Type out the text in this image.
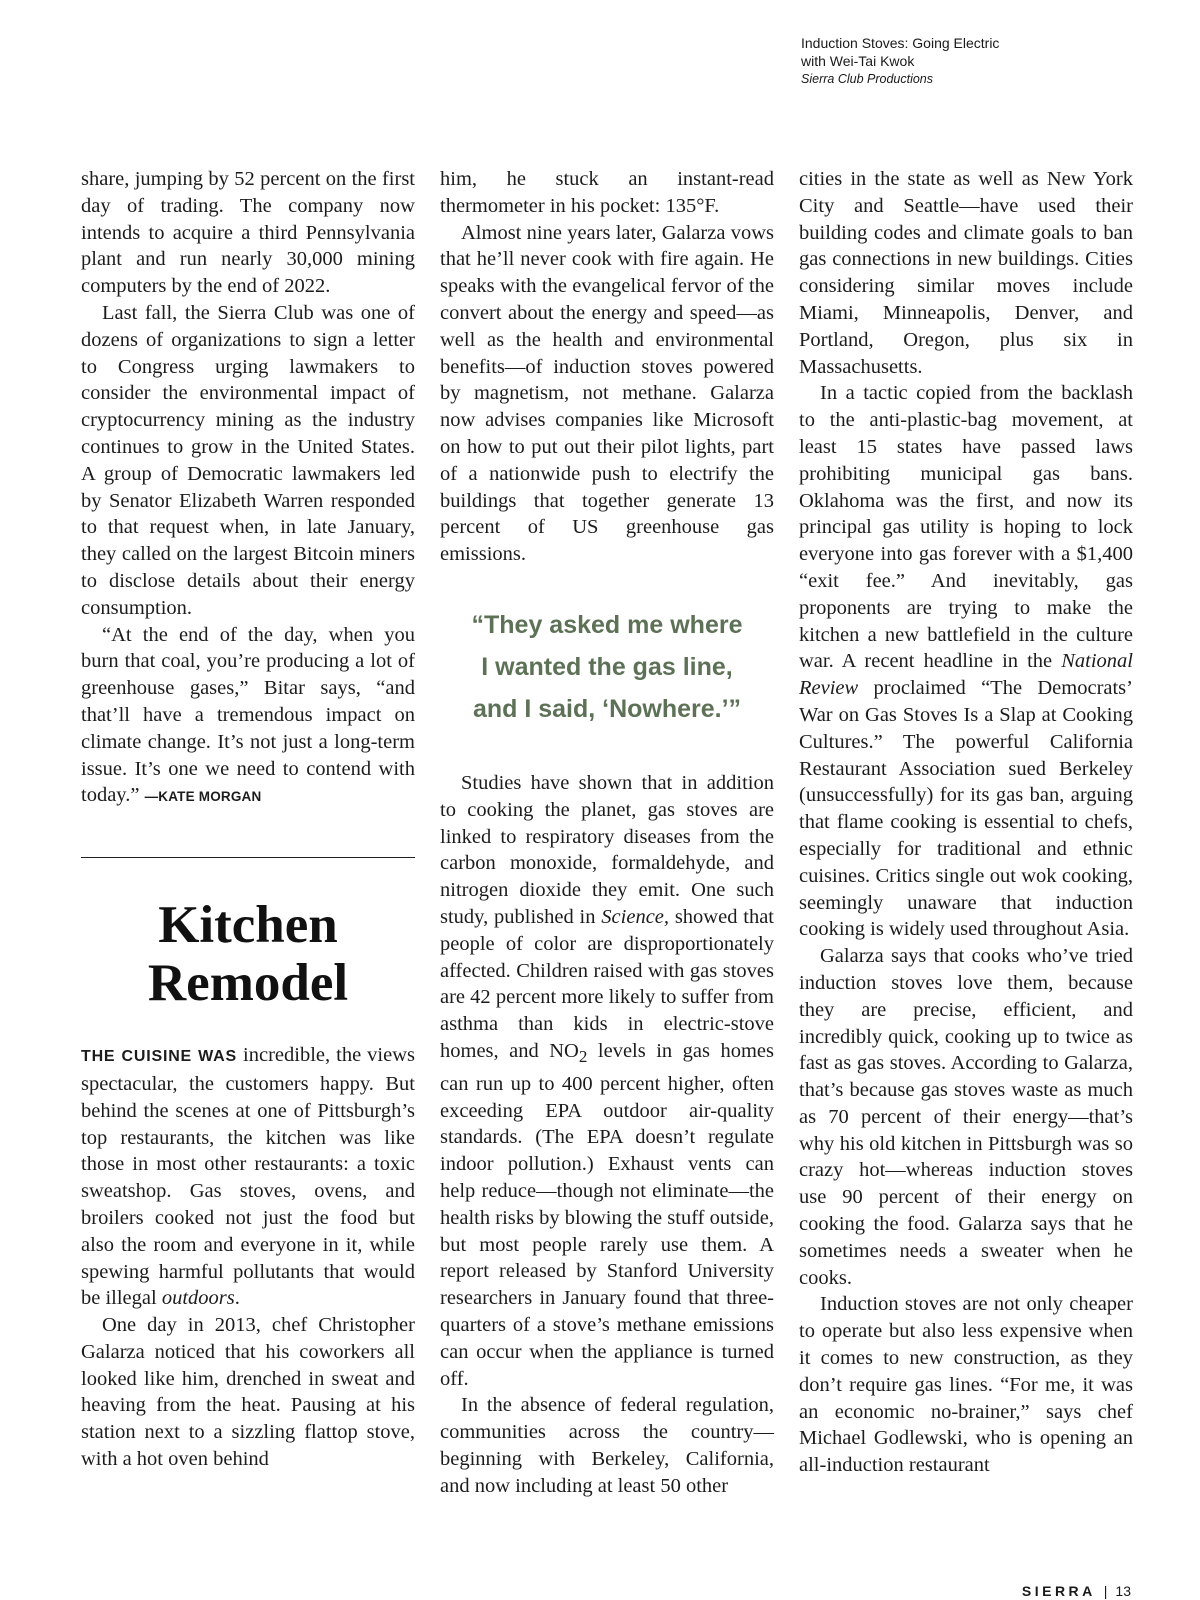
Induction Stoves: Going Electric
with Wei-Tai Kwok
Sierra Club Productions

share, jumping by 52 percent on the first day of trading. The company now intends to acquire a third Pennsylvania plant and run nearly 30,000 mining computers by the end of 2022.

Last fall, the Sierra Club was one of dozens of organizations to sign a letter to Congress urging lawmakers to consider the environmental impact of cryptocurrency mining as the industry continues to grow in the United States. A group of Democratic lawmakers led by Senator Elizabeth Warren responded to that request when, in late January, they called on the largest Bitcoin miners to disclose details about their energy consumption.

“At the end of the day, when you burn that coal, you’re producing a lot of greenhouse gases,” Bitar says, “and that’ll have a tremendous impact on climate change. It’s not just a long-term issue. It’s one we need to contend with today.” —KATE MORGAN

Kitchen
Remodel

THE CUISINE WAS incredible, the views spectacular, the customers happy. But behind the scenes at one of Pittsburgh’s top restaurants, the kitchen was like those in most other restaurants: a toxic sweatshop. Gas stoves, ovens, and broilers cooked not just the food but also the room and everyone in it, while spewing harmful pollutants that would be illegal outdoors.

One day in 2013, chef Christopher Galarza noticed that his coworkers all looked like him, drenched in sweat and heaving from the heat. Pausing at his station next to a sizzling flattop stove, with a hot oven behind

him, he stuck an instant-read thermometer in his pocket: 135°F.

Almost nine years later, Galarza vows that he’ll never cook with fire again. He speaks with the evangelical fervor of the convert about the energy and speed—as well as the health and environmental benefits—of induction stoves powered by magnetism, not methane. Galarza now advises companies like Microsoft on how to put out their pilot lights, part of a nationwide push to electrify the buildings that together generate 13 percent of US greenhouse gas emissions.

“They asked me where
I wanted the gas line,
and I said, ‘Nowhere.’”

Studies have shown that in addition to cooking the planet, gas stoves are linked to respiratory diseases from the carbon monoxide, formaldehyde, and nitrogen dioxide they emit. One such study, published in Science, showed that people of color are disproportionately affected. Children raised with gas stoves are 42 percent more likely to suffer from asthma than kids in electric-stove homes, and $NO_2$ levels in gas homes can run up to 400 percent higher, often exceeding EPA outdoor air-quality standards. (The EPA doesn’t regulate indoor pollution.) Exhaust vents can help reduce—though not eliminate—the health risks by blowing the stuff outside, but most people rarely use them. A report released by Stanford University researchers in January found that three-quarters of a stove’s methane emissions can occur when the appliance is turned off.

In the absence of federal regulation, communities across the country—beginning with Berkeley, California, and now including at least 50 other

cities in the state as well as New York City and Seattle—have used their building codes and climate goals to ban gas connections in new buildings. Cities considering similar moves include Miami, Minneapolis, Denver, and Portland, Oregon, plus six in Massachusetts.

In a tactic copied from the backlash to the anti-plastic-bag movement, at least 15 states have passed laws prohibiting municipal gas bans. Oklahoma was the first, and now its principal gas utility is hoping to lock everyone into gas forever with a $1,400 “exit fee.” And inevitably, gas proponents are trying to make the kitchen a new battlefield in the culture war. A recent headline in the National Review proclaimed “The Democrats’ War on Gas Stoves Is a Slap at Cooking Cultures.” The powerful California Restaurant Association sued Berkeley (unsuccessfully) for its gas ban, arguing that flame cooking is essential to chefs, especially for traditional and ethnic cuisines. Critics single out wok cooking, seemingly unaware that induction cooking is widely used throughout Asia.

Galarza says that cooks who’ve tried induction stoves love them, because they are precise, efficient, and incredibly quick, cooking up to twice as fast as gas stoves. According to Galarza, that’s because gas stoves waste as much as 70 percent of their energy—that’s why his old kitchen in Pittsburgh was so crazy hot—whereas induction stoves use 90 percent of their energy on cooking the food. Galarza says that he sometimes needs a sweater when he cooks.

Induction stoves are not only cheaper to operate but also less expensive when it comes to new construction, as they don’t require gas lines. “For me, it was an economic no-brainer,” says chef Michael Godlewski, who is opening an all-induction restaurant

SIERRA | 13
